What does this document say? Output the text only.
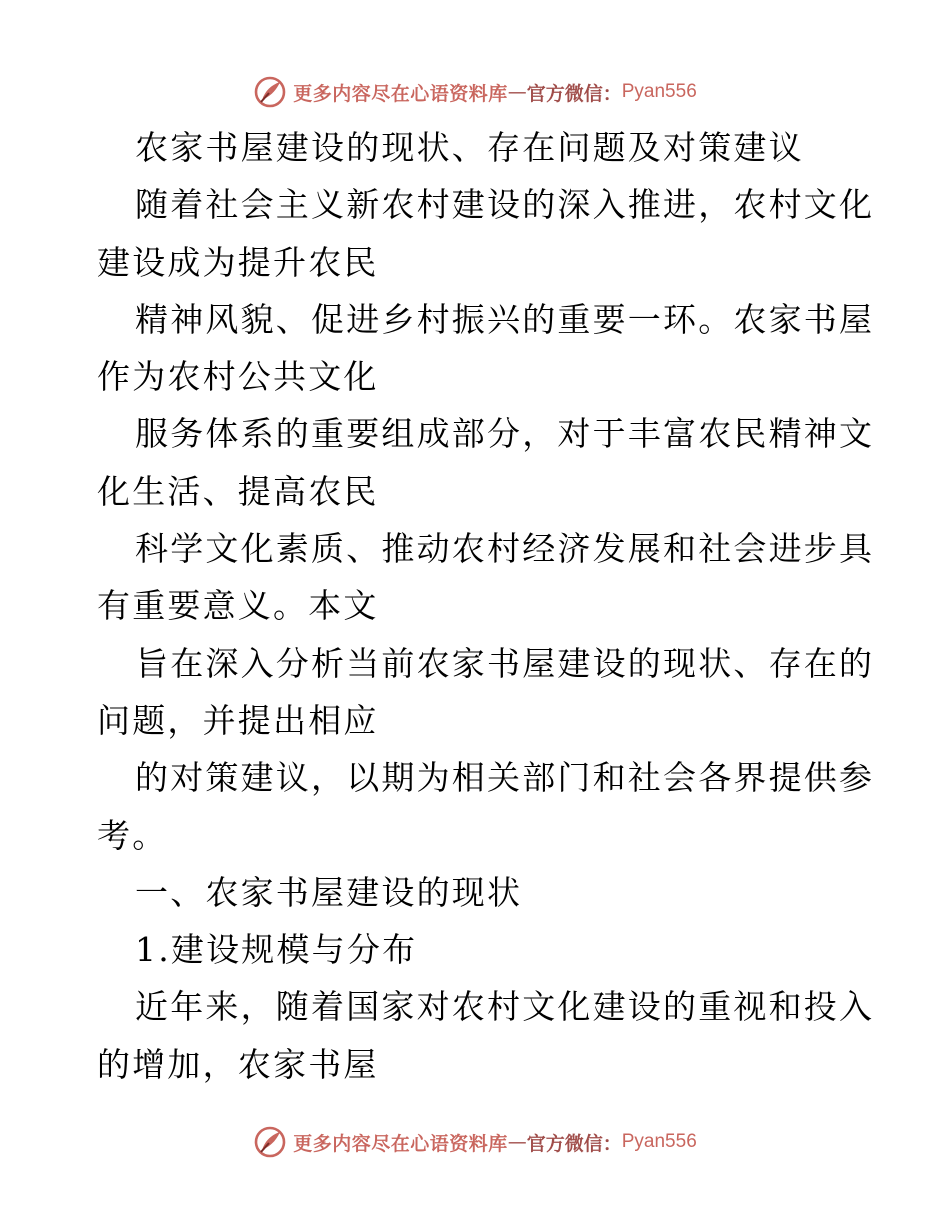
更多内容尽在心语资料库 — 官方微信： Pyan556
农家书屋建设的现状、存在问题及对策建议
随着社会主义新农村建设的深入推进，农村文化
建设成为提升农民
精神风貌、促进乡村振兴的重要一环。农家书屋
作为农村公共文化
服务体系的重要组成部分，对于丰富农民精神文
化生活、提高农民
科学文化素质、推动农村经济发展和社会进步具
有重要意义。本文
旨在深入分析当前农家书屋建设的现状、存在的
问题，并提出相应
的对策建议，以期为相关部门和社会各界提供参
考。
一、农家书屋建设的现状
1.建设规模与分布
近年来，随着国家对农村文化建设的重视和投入
的增加，农家书屋
更多内容尽在心语资料库 — 官方微信： Pyan556
